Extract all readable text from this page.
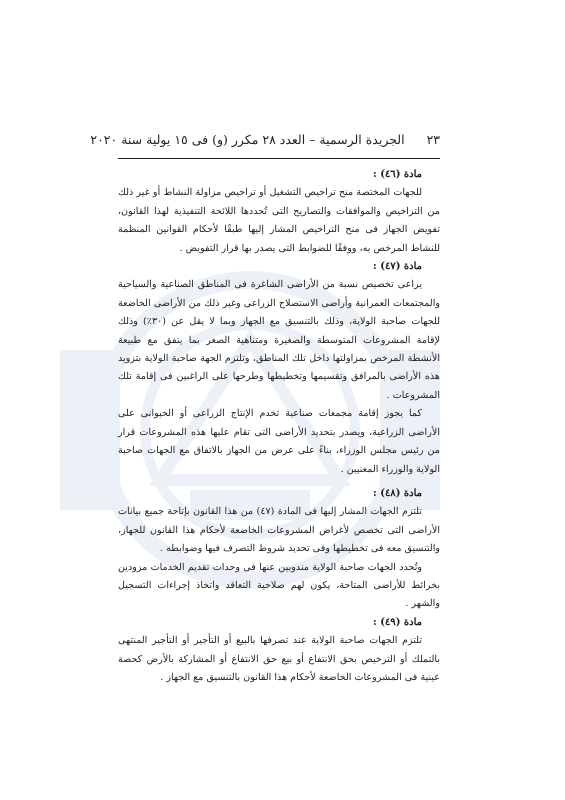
٢٣ الجريدة الرسمية – العدد ٢٨ مكرر (و) فى ١٥ يولية سنة ٢٠٢٠

مادة (٤٦) :

للجهات المختصة منح تراخيص التشغيل أو تراخيص مزاولة النشاط أو غير ذلك من التراخيص والموافقات والتصاريح التى تُحددها اللائحة التنفيذية لهذا القانون، تفويض الجهاز فى منح التراخيص المشار إليها طبقًا لأحكام القوانين المنظمة للنشاط المرخص به، ووفقًا للضوابط التى يصدر بها قرار التفويض .

مادة (٤٧) :

يراعى تخصيص نسبة من الأراضى الشاغرة فى المناطق الصناعية والسياحية والمجتمعات العمرانية وأراضى الاستصلاح الزراعى وغير ذلك من الأراضى الخاضعة للجهات صاحبة الولاية، وذلك بالتنسيق مع الجهاز وبما لا يقل عن (٣٠٪) وذلك لإقامة المشروعات المتوسطة والصغيرة ومتناهية الصغر بما يتفق مع طبيعة الأنشطة المرخص بمزاولتها داخل تلك المناطق، وتلتزم الجهة صاحبة الولاية بتزويد هذه الأراضى بالمرافق وتقسيمها وتخطيطها وطرحها على الراغبين فى إقامة تلك المشروعات .

كما يجوز إقامة مجمعات صناعية تخدم الإنتاج الزراعى أو الحيوانى على الأراضى الزراعية، ويصدر بتحديد الأراضى التى تقام عليها هذه المشروعات قرار من رئيس مجلس الوزراء، بناءً على عرض من الجهاز بالاتفاق مع الجهات صاحبة الولاية والوزراء المعنيين .

مادة (٤٨) :

تلتزم الجهات المشار إليها فى المادة (٤٧) من هذا القانون بإتاحة جميع بيانات الأراضى التى تخصص لأغراض المشروعات الخاضعة لأحكام هذا القانون للجهاز، والتنسيق معه فى تخطيطها وفى تحديد شروط التصرف فيها وضوابطه .

وتُحدد الجهات صاحبة الولاية مندوبين عنها فى وحدات تقديم الخدمات مزودين بخرائط للأراضى المتاحة، يكون لهم صلاحية التعاقد واتخاذ إجراءات التسجيل والشهر .

مادة (٤٩) :

تلتزم الجهات صاحبة الولاية عند تصرفها بالبيع أو التأجير أو التأجير المنتهى بالتملك أو الترخيص بحق الانتفاع أو بيع حق الانتفاع أو المشاركة بالأرض كحصة عينية فى المشروعات الخاضعة لأحكام هذا القانون بالتنسيق مع الجهاز .
